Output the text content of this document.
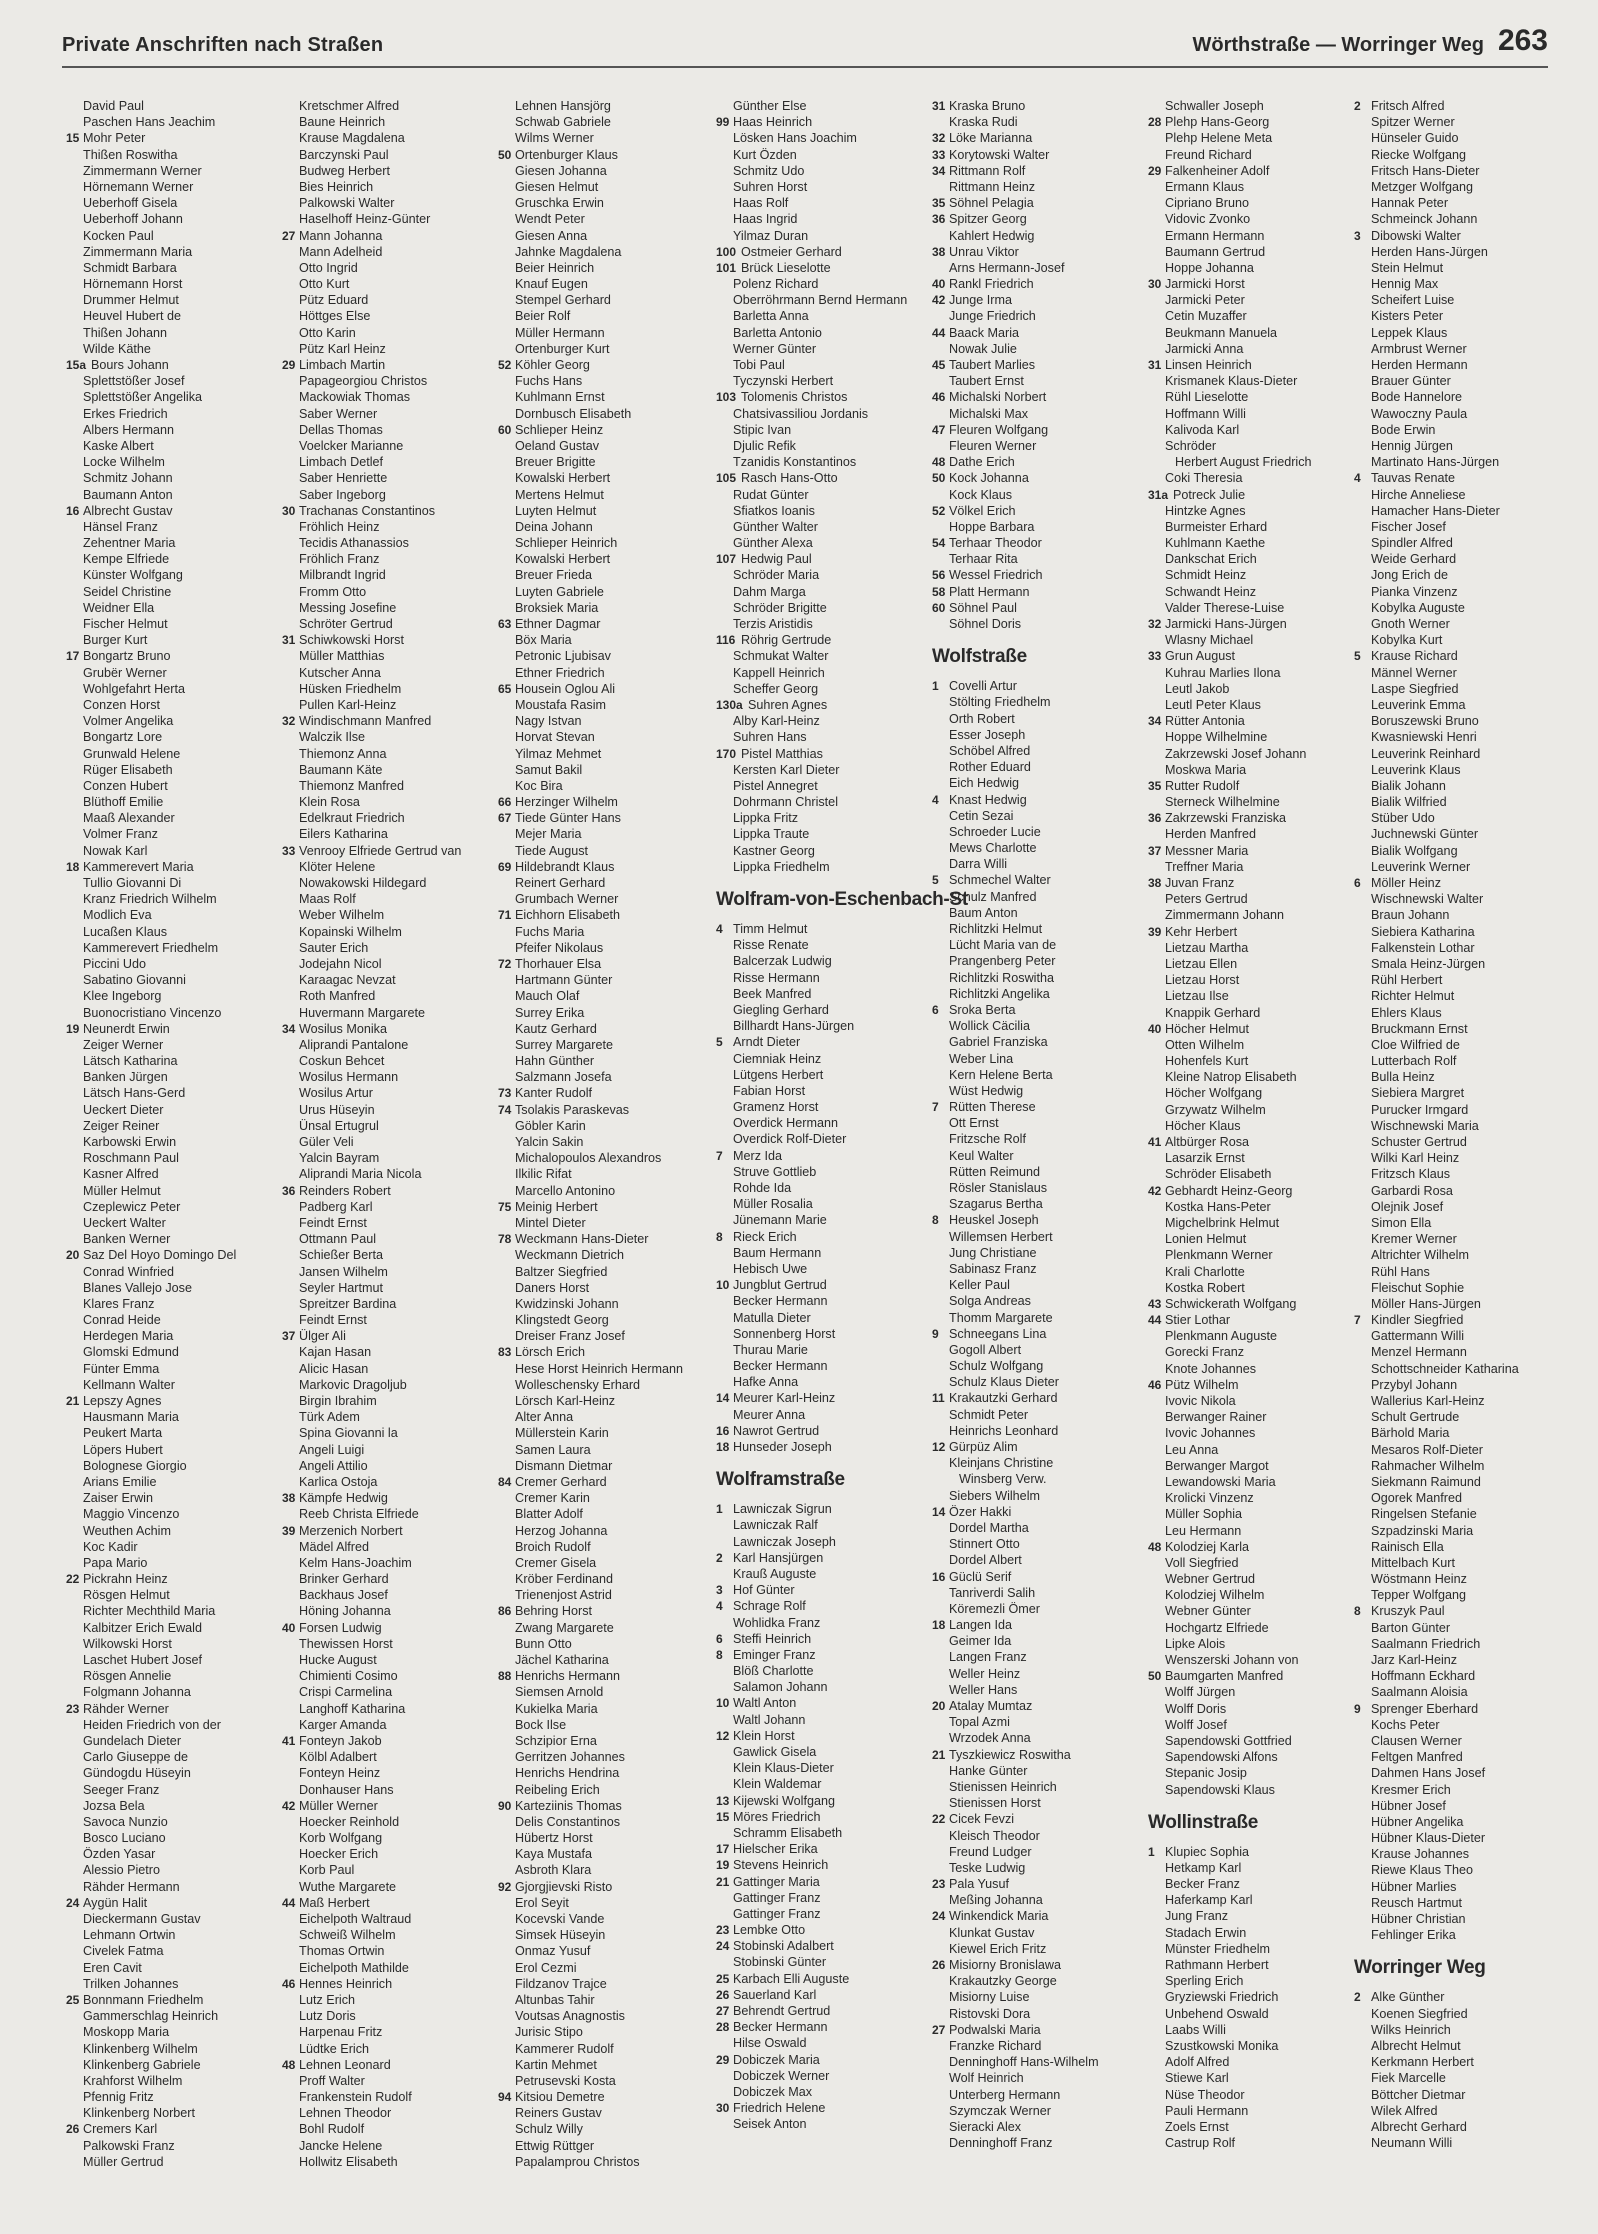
Private Anschriften nach Straßen	Wörthstraße — Worringer Weg 263
David Paul
Paschen Hans Jeachim
15 Mohr Peter
Thißen Roswitha
Zimmermann Werner
Hörnemann Werner
Ueberhoff Gisela
Ueberhoff Johann
Kocken Paul
Zimmermann Maria
Schmidt Barbara
Hörnemann Horst
Drummer Helmut
Heuvel Hubert de
Thißen Johann
Wilde Käthe
15a Bours Johann
Splettstößer Josef
Splettstößer Angelika
Erkes Friedrich
Albers Hermann
Kaske Albert
Locke Wilhelm
Schmitz Johann
Baumann Anton
16 Albrecht Gustav
Hänsel Franz
Zehentner Maria
Kempe Elfriede
Künster Wolfgang
Seidel Christine
Weidner Ella
Fischer Helmut
Burger Kurt
17 Bongartz Bruno
Grubër Werner
Wohlgefahrt Herta
Conzen Horst
Volmer Angelika
Bongartz Lore
Grunwald Helene
Rüger Elisabeth
Conzen Hubert
Blüthoff Emilie
Maaß Alexander
Volmer Franz
Nowak Karl
18 Kammerevert Maria
Tullio Giovanni Di
Kranz Friedrich Wilhelm
Modlich Eva
Lucaßen Klaus
Kammerevert Friedhelm
Piccini Udo
Sabatino Giovanni
Klee Ingeborg
Buonocristiano Vincenzo
19 Neunerdt Erwin
Zeiger Werner
Lätsch Katharina
Banken Jürgen
Lätsch Hans-Gerd
Ueckert Dieter
Zeiger Reiner
Karbowski Erwin
Roschmann Paul
Kasner Alfred
Müller Helmut
Czeplewicz Peter
Ueckert Walter
Banken Werner
20 Saz Del Hoyo Domingo Del
Conrad Winfried
Blanes Vallejo Jose
Klares Franz
Conrad Heide
Herdegen Maria
Glomski Edmund
Fünter Emma
Kellmann Walter
21 Lepszy Agnes
Hausmann Maria
Peukert Marta
Löpers Hubert
Bolognese Giorgio
Arians Emilie
Zaiser Erwin
Maggio Vincenzo
Weuthen Achim
Koc Kadir
Papa Mario
22 Pickrahn Heinz
Rösgen Helmut
Richter Mechthild Maria
Kalbitzer Erich Ewald
Wilkowski Horst
Laschet Hubert Josef
Rösgen Annelie
Folgmann Johanna
23 Rähder Werner
Heiden Friedrich von der
Gundelach Dieter
Carlo Giuseppe de
Gündogdu Hüseyin
Seeger Franz
Jozsa Bela
Savoca Nunzio
Bosco Luciano
Özden Yasar
Alessio Pietro
Rähder Hermann
24 Aygün Halit
Dieckermann Gustav
Lehmann Ortwin
Civelek Fatma
Eren Cavit
Trilken Johannes
25 Bonnmann Friedhelm
Gammerschlag Heinrich
Moskopp Maria
Klinkenberg Wilhelm
Klinkenberg Gabriele
Krahforst Wilhelm
Pfennig Fritz
Klinkenberg Norbert
26 Cremers Karl
Palkowski Franz
Müller Gertrud
Kretschmer Alfred
Baune Heinrich
Krause Magdalena
Barczynski Paul
Budweg Herbert
Bies Heinrich
Palkowski Walter
Haselhoff Heinz-Günter
27 Mann Johanna
Mann Adelheid
Otto Ingrid
Otto Kurt
Pütz Eduard
Höttges Else
Otto Karin
Pütz Karl Heinz
29 Limbach Martin
Papageorgiou Christos
Mackowiak Thomas
Saber Werner
Dellas Thomas
Voelcker Marianne
Limbach Detlef
Saber Henriette
Saber Ingeborg
30 Trachanas Constantinos
Fröhlich Heinz
Tecidis Athanassios
Fröhlich Franz
Milbrandt Ingrid
Fromm Otto
Messing Josefine
Schröter Gertrud
31 Schiwkowski Horst
Müller Matthias
Kutscher Anna
Hüsken Friedhelm
Pullen Karl-Heinz
32 Windischmann Manfred
Walczik Ilse
Thiemonz Anna
Baumann Käte
Thiemonz Manfred
Klein Rosa
Edelkraut Friedrich
Eilers Katharina
33 Venrooy Elfriede Gertrud van
Klöter Helene
Nowakowski Hildegard
Maas Rolf
Weber Wilhelm
Kopainski Wilhelm
Sauter Erich
Jodejahn Nicol
Karaagac Nevzat
Roth Manfred
Huvermann Margarete
34 Wosilus Monika
Aliprandi Pantalone
Coskun Behcet
Wosilus Hermann
Wosilus Artur
Urus Hüseyin
Ünsal Ertugrul
Güler Veli
Yalcin Bayram
Aliprandi Maria Nicola
36 Reinders Robert
Padberg Karl
Feindt Ernst
Ottmann Paul
Schießer Berta
Jansen Wilhelm
Seyler Hartmut
Spreitzer Bardina
Feindt Ernst
37 Ülger Ali
Kajan Hasan
Alicic Hasan
Markovic Dragoljub
Birgin Ibrahim
Türk Adem
Spina Giovanni la
Angeli Luigi
Angeli Attilio
Karlica Ostoja
38 Kämpfe Hedwig
Reeb Christa Elfriede
39 Merzenich Norbert
Mädel Alfred
Kelm Hans-Joachim
Brinker Gerhard
Backhaus Josef
Höning Johanna
40 Forsen Ludwig
Thewissen Horst
Hucke August
Chimienti Cosimo
Crispi Carmelina
Langhoff Katharina
Karger Amanda
41 Fonteyn Jakob
Kölbl Adalbert
Fonteyn Heinz
Donhauser Hans
42 Müller Werner
Hoecker Reinhold
Korb Wolfgang
Hoecker Erich
Korb Paul
Wuthe Margarete
44 Maß Herbert
Eichelpoth Waltraud
Schweiß Wilhelm
Thomas Ortwin
Eichelpoth Mathilde
46 Hennes Heinrich
Lutz Erich
Lutz Doris
Harpenau Fritz
Lüdtke Erich
48 Lehnen Leonard
Proff Walter
Frankenstein Rudolf
Lehnen Theodor
Bohl Rudolf
Jancke Helene
Hollwitz Elisabeth
Lehnen Hansjörg
Schwab Gabriele
Wilms Werner
50 Ortenburger Klaus
Giesen Johanna
Giesen Helmut
Gruschka Erwin
Wendt Peter
Giesen Anna
Jahnke Magdalena
Beier Heinrich
Knauf Eugen
Stempel Gerhard
Beier Rolf
Müller Hermann
Ortenburger Kurt
52 Köhler Georg
Fuchs Hans
Kuhlmann Ernst
Dornbusch Elisabeth
60 Schlieper Heinz
Oeland Gustav
Breuer Brigitte
Kowalski Herbert
Mertens Helmut
Luyten Helmut
Deina Johann
Schlieper Heinrich
Kowalski Herbert
Breuer Frieda
Luyten Gabriele
Broksiek Maria
63 Ethner Dagmar
Böx Maria
Petronic Ljubisav
Ethner Friedrich
65 Housein Oglou Ali
Moustafa Rasim
Nagy Istvan
Horvat Stevan
Yilmaz Mehmet
Samut Bakil
Koc Bira
66 Herzinger Wilhelm
67 Tiede Günter Hans
Mejer Maria
Tiede August
69 Hildebrandt Klaus
Reinert Gerhard
Grumbach Werner
71 Eichhorn Elisabeth
Fuchs Maria
Pfeifer Nikolaus
72 Thorhauer Elsa
Hartmann Günter
Mauch Olaf
Surrey Erika
Kautz Gerhard
Surrey Margarete
Hahn Günther
Salzmann Josefa
73 Kanter Rudolf
74 Tsolakis Paraskevas
Göbler Karin
Yalcin Sakin
Michalopoulos Alexandros
Ilkilic Rifat
Marcello Antonino
75 Meinig Herbert
Mintel Dieter
78 Weckmann Hans-Dieter
Weckmann Dietrich
Baltzer Siegfried
Daners Horst
Kwidzinski Johann
Klingstedt Georg
Dreiser Franz Josef
83 Lörsch Erich
Hese Horst Heinrich Hermann
Wolleschensky Erhard
Lörsch Karl-Heinz
Alter Anna
Müllerstein Karin
Samen Laura
Dismann Dietmar
84 Cremer Gerhard
Cremer Karin
Blatter Adolf
Herzog Johanna
Broich Rudolf
Cremer Gisela
Kröber Ferdinand
Trienenjost Astrid
86 Behring Horst
Zwang Margarete
Bunn Otto
Jächel Katharina
88 Henrichs Hermann
Siemsen Arnold
Kukielka Maria
Bock Ilse
Schzipior Erna
Gerritzen Johannes
Henrichs Hendrina
Reibeling Erich
90 Karteziinis Thomas
Delis Constantinos
Hübertz Horst
Kaya Mustafa
Asbroth Klara
92 Gjorgjievski Risto
Erol Seyit
Kocevski Vande
Simsek Hüseyin
Onmaz Yusuf
Erol Cezmi
Fildzanov Trajce
Altunbas Tahir
Voutsas Anagnostis
Jurisic Stipo
Kammerer Rudolf
Kartin Mehmet
Petrusevski Kosta
94 Kitsiou Demetre
Reiners Gustav
Schulz Willy
Ettwig Rüttger
Papalamprou Christos
Günther Else
99 Haas Heinrich
Lösken Hans Joachim
Kurt Özden
Schmitz Udo
Suhren Horst
Haas Rolf
Haas Ingrid
Yilmaz Duran
100 Ostmeier Gerhard
101 Brück Lieselotte
Polenz Richard
Oberröhrmann Bernd Hermann
Barletta Anna
Barletta Antonio
Werner Günter
Tobi Paul
Tyczynski Herbert
103 Tolomenis Christos
Chatsivassiliou Jordanis
Stipic Ivan
Djulic Refik
Tzanidis Konstantinos
105 Rasch Hans-Otto
Rudat Günter
Sfiatkos Ioanis
Günther Walter
Günther Alexa
107 Hedwig Paul
Schröder Maria
Dahm Marga
Schröder Brigitte
Terzis Aristidis
116 Röhrig Gertrude
Schmukat Walter
Kappell Heinrich
Scheffer Georg
130a Suhren Agnes
Alby Karl-Heinz
Suhren Hans
170 Pistel Matthias
Kersten Karl Dieter
Pistel Annegret
Dohrmann Christel
Lippka Fritz
Lippka Traute
Kastner Georg
Lippka Friedhelm
Wolfram-von-Eschenbach-St
4 Timm Helmut
Risse Renate
Balcerzak Ludwig
Risse Hermann
Beek Manfred
Giegling Gerhard
Billhardt Hans-Jürgen
5 Arndt Dieter
Ciemniak Heinz
Lütgens Herbert
Fabian Horst
Gramenz Horst
Overdick Hermann
Overdick Rolf-Dieter
7 Merz Ida
Struve Gottlieb
Rohde Ida
Müller Rosalia
Jünemann Marie
8 Rieck Erich
Baum Hermann
Hebisch Uwe
10 Jungblut Gertrud
Becker Hermann
Matulla Dieter
Sonnenberg Horst
Thurau Marie
Becker Hermann
Hafke Anna
14 Meurer Karl-Heinz
Meurer Anna
16 Nawrot Gertrud
18 Hunseder Joseph
Wolframstraße
1 Lawniczak Sigrun
Lawniczak Ralf
Lawniczak Joseph
2 Karl Hansjürgen
Krauß Auguste
3 Hof Günter
4 Schrage Rolf
Wohlidka Franz
6 Steffi Heinrich
8 Eminger Franz
Blöß Charlotte
Salamon Johann
10 Waltl Anton
Waltl Johann
12 Klein Horst
Gawlick Gisela
Klein Klaus-Dieter
Klein Waldemar
13 Kijewski Wolfgang
15 Möres Friedrich
Schramm Elisabeth
17 Hielscher Erika
19 Stevens Heinrich
21 Gattinger Maria
Gattinger Franz
Gattinger Franz
23 Lembke Otto
24 Stobinski Adalbert
Stobinski Günter
25 Karbach Elli Auguste
26 Sauerland Karl
27 Behrendt Gertrud
28 Becker Hermann
Hilse Oswald
29 Dobiczek Maria
Dobiczek Werner
Dobiczek Max
30 Friedrich Helene
Seisek Anton
31 Kraska Bruno
Kraska Rudi
32 Löke Marianna
33 Korytowski Walter
34 Rittmann Rolf
Rittmann Heinz
35 Söhnel Pelagia
36 Spitzer Georg
Kahlert Hedwig
38 Unrau Viktor
Arns Hermann-Josef
40 Rankl Friedrich
42 Junge Irma
Junge Friedrich
44 Baack Maria
Nowak Julie
45 Taubert Marlies
Taubert Ernst
46 Michalski Norbert
Michalski Max
47 Fleuren Wolfgang
Fleuren Werner
48 Dathe Erich
50 Kock Johanna
Kock Klaus
52 Völkel Erich
Hoppe Barbara
54 Terhaar Theodor
Terhaar Rita
56 Wessel Friedrich
58 Platt Hermann
60 Söhnel Paul
Söhnel Doris
Wolfstraße
1 Covelli Artur
Stölting Friedhelm
Orth Robert
Esser Joseph
Schöbel Alfred
Rother Eduard
Eich Hedwig
4 Knast Hedwig
Cetin Sezai
Schroeder Lucie
Mews Charlotte
Darra Willi
5 Schmechel Walter
Schulz Manfred
Baum Anton
Richlitzki Helmut
Lücht Maria van de
Prangenberg Peter
Richlitzki Roswitha
Richlitzki Angelika
6 Sroka Berta
Wollick Cäcilia
Gabriel Franziska
Weber Lina
Kern Helene Berta
Wüst Hedwig
7 Rütten Therese
Ott Ernst
Fritzsche Rolf
Keul Walter
Rütten Reimund
Rösler Stanislaus
Szagarus Bertha
8 Heuskel Joseph
Willemsen Herbert
Jung Christiane
Sabinasz Franz
Keller Paul
Solga Andreas
Thomm Margarete
9 Schneegans Lina
Gogoll Albert
Schulz Wolfgang
Schulz Klaus Dieter
11 Krakautzki Gerhard
Schmidt Peter
Heinrichs Leonhard
12 Gürpüz Alim
Kleinjans Christine
Winsberg Verw.
Siebers Wilhelm
14 Özer Hakki
Dordel Martha
Stinnert Otto
Dordel Albert
16 Güclü Serif
Tanriverdi Salih
Köremezli Ömer
18 Langen Ida
Geimer Ida
Langen Franz
Weller Heinz
Weller Hans
20 Atalay Mumtaz
Topal Azmi
Wrzodek Anna
21 Tyszkiewicz Roswitha
Hanke Günter
Stienissen Heinrich
Stienissen Horst
22 Cicek Fevzi
Kleisch Theodor
Freund Ludger
Teske Ludwig
23 Pala Yusuf
Meßing Johanna
24 Winkendick Maria
Klunkat Gustav
Kiewel Erich Fritz
26 Misiorny Bronislawa
Krakautzky George
Misiorny Luise
Ristovski Dora
27 Podwalski Maria
Franzke Richard
Denninghoff Hans-Wilhelm
Wolf Heinrich
Unterberg Hermann
Szymczak Werner
Sieracki Alex
Denninghoff Franz
Schwaller Joseph
28 Plehp Hans-Georg
Plehp Helene Meta
Freund Richard
29 Falkenheiner Adolf
Ermann Klaus
Cipriano Bruno
Vidovic Zvonko
Ermann Hermann
Baumann Gertrud
Hoppe Johanna
30 Jarmicki Horst
Jarmicki Peter
Cetin Muzaffer
Beukmann Manuela
Jarmicki Anna
31 Linsen Heinrich
Krismanek Klaus-Dieter
Rühl Lieselotte
Hoffmann Willi
Kalivoda Karl
Schröder
Herbert August Friedrich
Coki Theresia
31a Potreck Julie
Hintzke Agnes
Burmeister Erhard
Kuhlmann Kaethe
Dankschat Erich
Schmidt Heinz
Schwandt Heinz
Valder Therese-Luise
32 Jarmicki Hans-Jürgen
Wlasny Michael
33 Grun August
Kuhrau Marlies Ilona
Leutl Jakob
Leutl Peter Klaus
34 Rütter Antonia
Hoppe Wilhelmine
Zakrzewski Josef Johann
Moskwa Maria
35 Rutter Rudolf
Sterneck Wilhelmine
36 Zakrzewski Franziska
Herden Manfred
37 Messner Maria
Treffner Maria
38 Juvan Franz
Peters Gertrud
Zimmermann Johann
39 Kehr Herbert
Lietzau Martha
Lietzau Ellen
Lietzau Horst
Lietzau Ilse
Knappik Gerhard
40 Höcher Helmut
Otten Wilhelm
Hohenfels Kurt
Kleine Natrop Elisabeth
Höcher Wolfgang
Grzywatz Wilhelm
Höcher Klaus
41 Altbürger Rosa
Lasarzik Ernst
Schröder Elisabeth
42 Gebhardt Heinz-Georg
Kostka Hans-Peter
Migchelbrink Helmut
Lonien Helmut
Plenkmann Werner
Krali Charlotte
Kostka Robert
43 Schwickerath Wolfgang
44 Stier Lothar
Plenkmann Auguste
Gorecki Franz
Knote Johannes
46 Pütz Wilhelm
Ivovic Nikola
Berwanger Rainer
Ivovic Johannes
Leu Anna
Berwanger Margot
Lewandowski Maria
Krolicki Vinzenz
Müller Sophia
Leu Hermann
48 Kolodziej Karla
Voll Siegfried
Webner Gertrud
Kolodziej Wilhelm
Webner Günter
Hochgartz Elfriede
Lipke Alois
Wenszerski Johann von
50 Baumgarten Manfred
Wolff Jürgen
Wolff Doris
Wolff Josef
Sapendowski Gottfried
Sapendowski Alfons
Stepanic Josip
Sapendowski Klaus
Wollinstraße
1 Klupiec Sophia
Hetkamp Karl
Becker Franz
Haferkamp Karl
Jung Franz
Stadach Erwin
Münster Friedhelm
Rathmann Herbert
Sperling Erich
Gryziewski Friedrich
Unbehend Oswald
Laabs Willi
Szustkowski Monika
Adolf Alfred
Stiewe Karl
Nüse Theodor
Pauli Hermann
Zoels Ernst
Castrup Rolf
2 Fritsch Alfred
Spitzer Werner
Hünseler Guido
Riecke Wolfgang
Fritsch Hans-Dieter
Metzger Wolfgang
Hannak Peter
Schmeinck Johann
3 Dibowski Walter
Herden Hans-Jürgen
Stein Helmut
Hennig Max
Scheifert Luise
Kisters Peter
Leppek Klaus
Armbrust Werner
Herden Hermann
Brauer Günter
Bode Hannelore
Wawoczny Paula
Bode Erwin
Hennig Jürgen
Martinato Hans-Jürgen
4 Tauvas Renate
Hirche Anneliese
Hamacher Hans-Dieter
Fischer Josef
Spindler Alfred
Weide Gerhard
Jong Erich de
Pianka Vinzenz
Kobylka Auguste
Gnoth Werner
Kobylka Kurt
5 Krause Richard
Männel Werner
Laspe Siegfried
Leuverink Emma
Boruszewski Bruno
Kwasniewski Henri
Leuverink Reinhard
Leuverink Klaus
Bialik Johann
Bialik Wilfried
Stüber Udo
Juchnewski Günter
Bialik Wolfgang
Leuverink Werner
6 Möller Heinz
Wischnewski Walter
Braun Johann
Siebiera Katharina
Falkenstein Lothar
Smala Heinz-Jürgen
Rühl Herbert
Richter Helmut
Ehlers Klaus
Bruckmann Ernst
Cloe Wilfried de
Lutterbach Rolf
Bulla Heinz
Siebiera Margret
Purucker Irmgard
Wischnewski Maria
Schuster Gertrud
Wilki Karl Heinz
Fritzsch Klaus
Garbardi Rosa
Olejnik Josef
Simon Ella
Kremer Werner
Altrichter Wilhelm
Rühl Hans
Fleischut Sophie
Möller Hans-Jürgen
7 Kindler Siegfried
Gattermann Willi
Menzel Hermann
Schottschneider Katharina
Przybyl Johann
Wallerius Karl-Heinz
Schult Gertrude
Bärhold Maria
Mesaros Rolf-Dieter
Rahmacher Wilhelm
Siekmann Raimund
Ogorek Manfred
Ringelsen Stefanie
Szpadzinski Maria
Rainisch Ella
Mittelbach Kurt
Wöstmann Heinz
Tepper Wolfgang
8 Kruszyk Paul
Barton Günter
Saalmann Friedrich
Jarz Karl-Heinz
Hoffmann Eckhard
Saalmann Aloisia
9 Sprenger Eberhard
Kochs Peter
Clausen Werner
Feltgen Manfred
Dahmen Hans Josef
Kresmer Erich
Hübner Josef
Hübner Angelika
Hübner Klaus-Dieter
Krause Johannes
Riewe Klaus Theo
Hübner Marlies
Reusch Hartmut
Hübner Christian
Fehlinger Erika
Worringer Weg
2 Alke Günther
Koenen Siegfried
Wilks Heinrich
Albrecht Helmut
Kerkmann Herbert
Fiek Marcelle
Böttcher Dietmar
Wilek Alfred
Albrecht Gerhard
Neumann Willi
